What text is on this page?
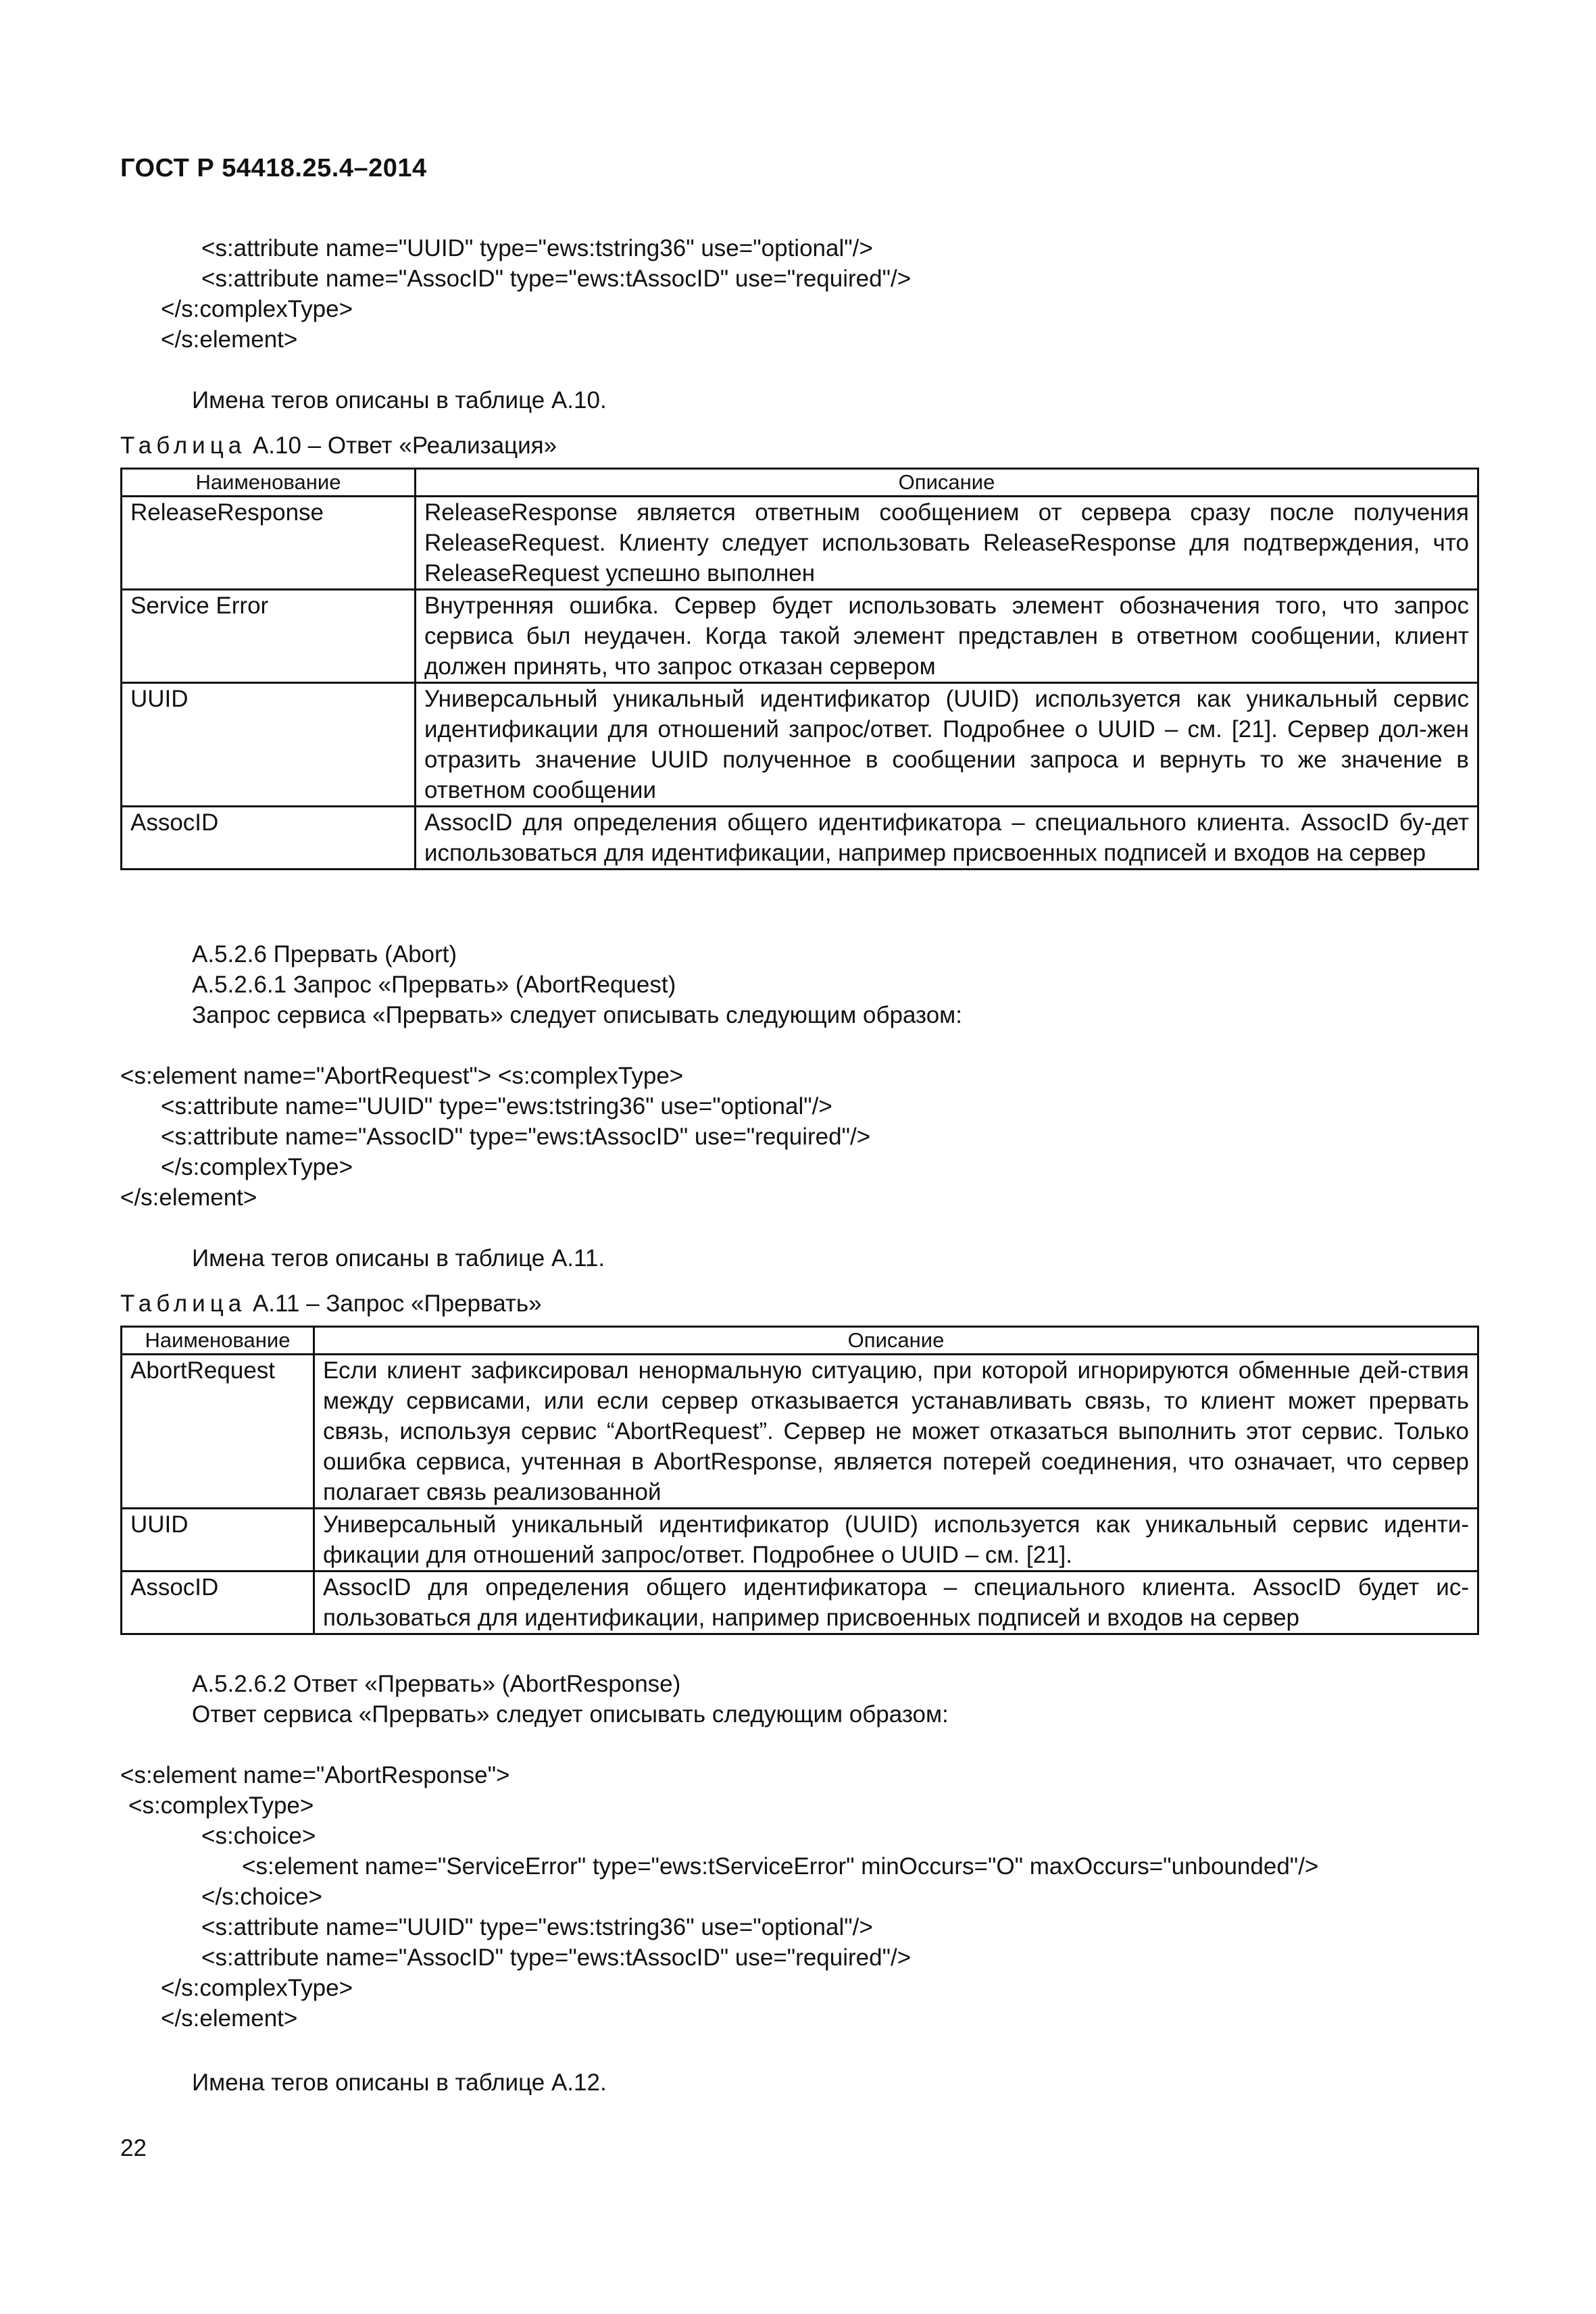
ГОСТ Р 54418.25.4–2014
<s:attribute name="UUID" type="ews:tstring36" use="optional"/>
<s:attribute name="AssocID" type="ews:tAssocID" use="required"/>
</s:complexType>
</s:element>
Имена тегов описаны в таблице А.10.
Таблица А.10 – Ответ «Реализация»
Наименование	Описание
ReleaseResponse	ReleaseResponse является ответным сообщением от сервера сразу после получения ReleaseRequest. Клиенту следует использовать ReleaseResponse для подтверждения, что ReleaseRequest успешно выполнен
Service Error	Внутренняя ошибка. Сервер будет использовать элемент обозначения того, что запрос сервиса был неудачен. Когда такой элемент представлен в ответном сообщении, клиент должен принять, что запрос отказан сервером
UUID	Универсальный уникальный идентификатор (UUID) используется как уникальный сервис идентификации для отношений запрос/ответ. Подробнее о UUID – см. [21]. Сервер дол-жен отразить значение UUID полученное в сообщении запроса и вернуть то же значение в ответном сообщении
AssocID	AssocID для определения общего идентификатора – специального клиента. AssocID бу-дет использоваться для идентификации, например присвоенных подписей и входов на сервер
А.5.2.6 Прервать (Abort)
А.5.2.6.1 Запрос «Прервать» (AbortRequest)
Запрос сервиса «Прервать» следует описывать следующим образом:
<s:element name="AbortRequest"> <s:complexType>
<s:attribute name="UUID" type="ews:tstring36" use="optional"/>
<s:attribute name="AssocID" type="ews:tAssocID" use="required"/>
</s:complexType>
</s:element>
Имена тегов описаны в таблице А.11.
Таблица А.11 – Запрос «Прервать»
Наименование	Описание
AbortRequest	Если клиент зафиксировал ненормальную ситуацию, при которой игнорируются обменные дей-ствия между сервисами, или если сервер отказывается устанавливать связь, то клиент может прервать связь, используя сервис “AbortRequest”. Сервер не может отказаться выполнить этот сервис. Только ошибка сервиса, учтенная в AbortResponse, является потерей соединения, что означает, что сервер полагает связь реализованной
UUID	Универсальный уникальный идентификатор (UUID) используется как уникальный сервис иденти-фикации для отношений запрос/ответ. Подробнее о UUID – см. [21].
AssocID	AssocID для определения общего идентификатора – специального клиента. AssocID будет ис-пользоваться для идентификации, например присвоенных подписей и входов на сервер
А.5.2.6.2 Ответ «Прервать» (AbortResponse)
Ответ сервиса «Прервать» следует описывать следующим образом:
<s:element name="AbortResponse">
<s:complexType>
<s:choice>
<s:element name="ServiceError" type="ews:tServiceError" minOccurs="O" maxOccurs="unbounded"/>
</s:choice>
<s:attribute name="UUID" type="ews:tstring36" use="optional"/>
<s:attribute name="AssocID" type="ews:tAssocID" use="required"/>
</s:complexType>
</s:element>
Имена тегов описаны в таблице А.12.
22
